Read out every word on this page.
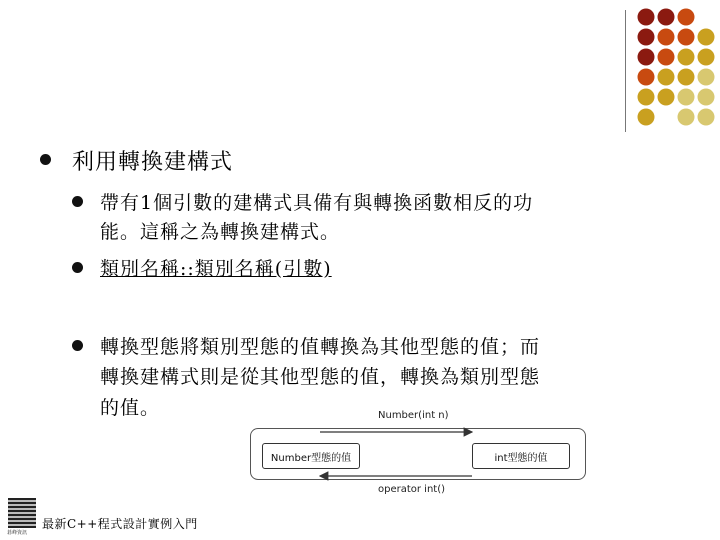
利用轉換建構式
帶有1個引數的建構式具備有與轉換函數相反的功
能。這稱之為轉換建構式。
類別名稱::類別名稱(引數)
轉換型態將類別型態的值轉換為其他型態的值；而
轉換建構式則是從其他型態的值，轉換為類別型態
的值。	Number(int n)
Number型態的值	int型態的值
operator int()
碁峰資訊
最新C++程式設計實例入門
